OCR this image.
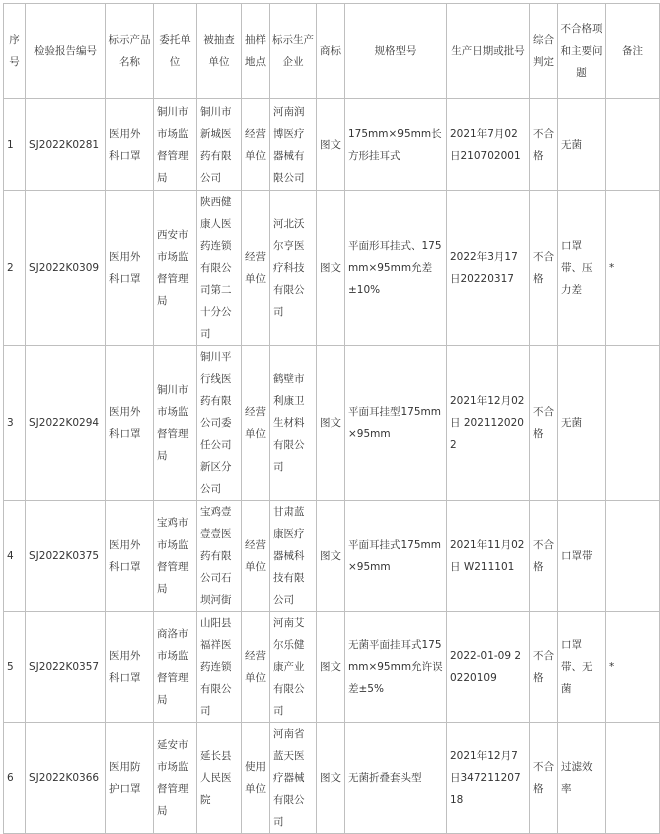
序号	检验报告编号	标示产品名称	委托单位	被抽查单位	抽样地点	标示生产企业	商标	规格型号	生产日期或批号	综合判定	不合格项和主要问题	备注
1	SJ2022K0281	医用外科口罩	铜川市市场监督管理局	铜川市新城医药有限公司	经营单位	河南润博医疗器械有限公司	图文	175mm×95mm长方形挂耳式	2021年7月02日210702001	不合格	无菌	
2	SJ2022K0309	医用外科口罩	西安市市场监督管理局	陕西健康人医药连锁有限公司第二十分公司	经营单位	河北沃尔亨医疗科技有限公司	图文	平面形耳挂式、175mm×95mm允差±10%	2022年3月17日20220317	不合格	口罩带、压力差	*
3	SJ2022K0294	医用外科口罩	铜川市市场监督管理局	铜川平行线医药有限公司委任公司新区分公司	经营单位	鹤壁市利康卫生材料有限公司	图文	平面耳挂型175mm×95mm	2021年12月02日 2021120202	不合格	无菌	
4	SJ2022K0375	医用外科口罩	宝鸡市市场监督管理局	宝鸡壹壹壹医药有限公司石坝河街	经营单位	甘肃蓝康医疗器械科技有限公司	图文	平面耳挂式175mm×95mm	2021年11月02日 W211101	不合格	口罩带	
5	SJ2022K0357	医用外科口罩	商洛市市场监督管理局	山阳县福祥医药连锁有限公司	经营单位	河南艾尔乐健康产业有限公司	图文	无菌平面挂耳式175mm×95mm允许误差±5%	2022-01-09 20220109	不合格	口罩带、无菌	*
6	SJ2022K0366	医用防护口罩	延安市市场监督管理局	延长县人民医院	使用单位	河南省蓝天医疗器械有限公司	图文	无菌折叠套头型	2021年12月7日34721120718	不合格	过滤效率	
